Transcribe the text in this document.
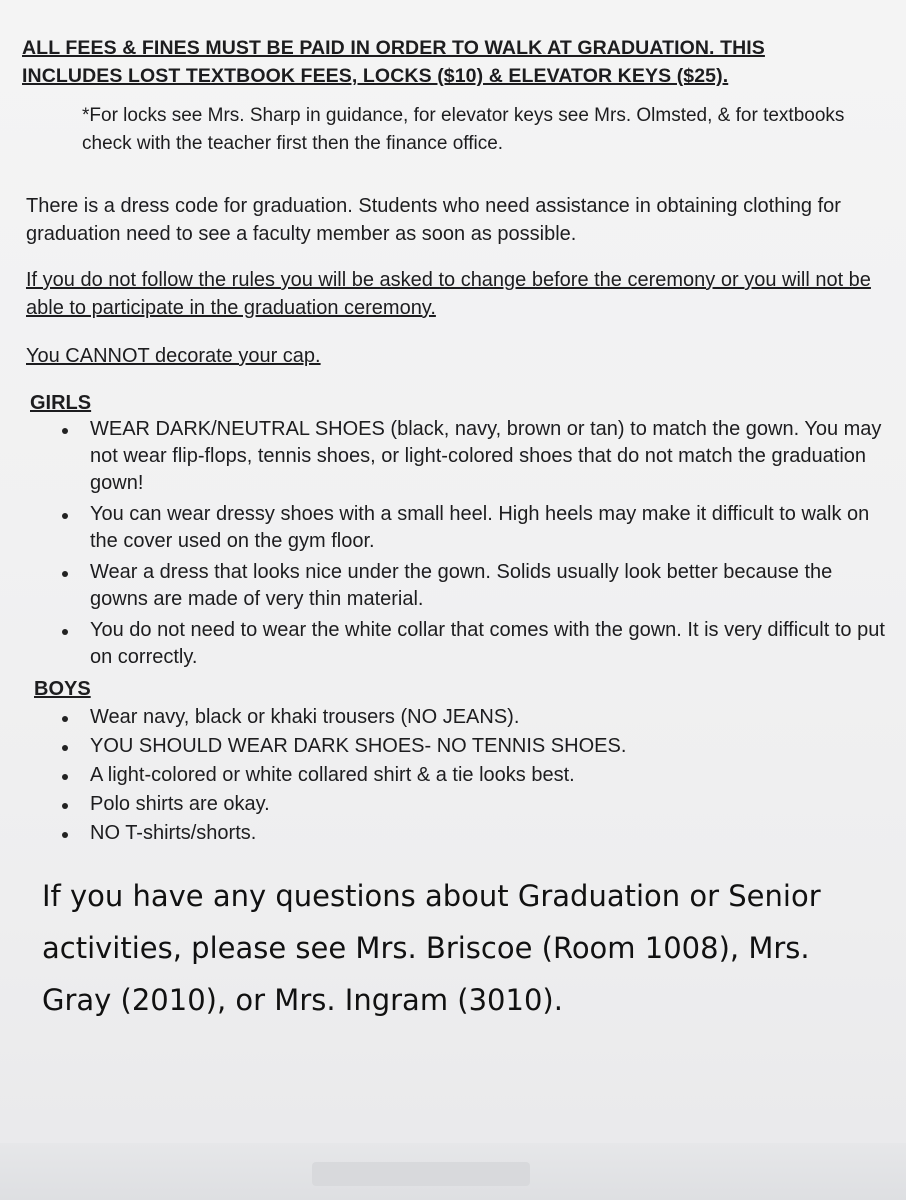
ALL FEES & FINES MUST BE PAID IN ORDER TO WALK AT GRADUATION. THIS
INCLUDES LOST TEXTBOOK FEES, LOCKS ($10) & ELEVATOR KEYS ($25).
*For locks see Mrs. Sharp in guidance, for elevator keys see Mrs. Olmsted, & for textbooks check with the teacher first then the finance office.
There is a dress code for graduation. Students who need assistance in obtaining clothing for graduation need to see a faculty member as soon as possible.
If you do not follow the rules you will be asked to change before the ceremony or you will not be able to participate in the graduation ceremony.
You CANNOT decorate your cap.
GIRLS
WEAR DARK/NEUTRAL SHOES (black, navy, brown or tan) to match the gown. You may not wear flip-flops, tennis shoes, or light-colored shoes that do not match the graduation gown!
You can wear dressy shoes with a small heel. High heels may make it difficult to walk on the cover used on the gym floor.
Wear a dress that looks nice under the gown. Solids usually look better because the gowns are made of very thin material.
You do not need to wear the white collar that comes with the gown. It is very difficult to put on correctly.
BOYS
Wear navy, black or khaki trousers (NO JEANS).
YOU SHOULD WEAR DARK SHOES- NO TENNIS SHOES.
A light-colored or white collared shirt & a tie looks best.
Polo shirts are okay.
NO T-shirts/shorts.
If you have any questions about Graduation or Senior activities, please see Mrs. Briscoe (Room 1008), Mrs. Gray (2010), or Mrs. Ingram (3010).
